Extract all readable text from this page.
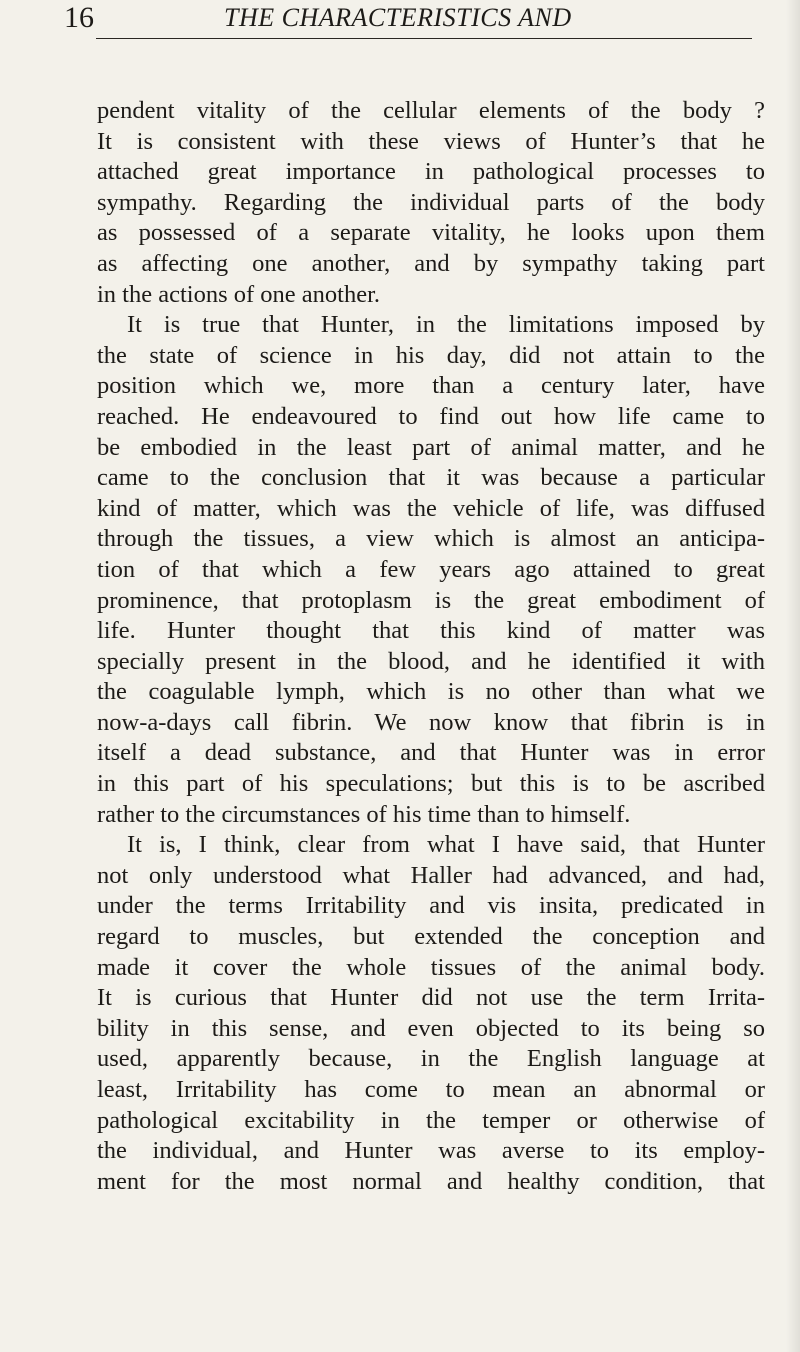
16	THE CHARACTERISTICS AND
pendent vitality of the cellular elements of the body ?
It is consistent with these views of Hunter’s that he
attached great importance in pathological processes to
sympathy. Regarding the individual parts of the body
as possessed of a separate vitality, he looks upon them
as affecting one another, and by sympathy taking part
in the actions of one another.
It is true that Hunter, in the limitations imposed by
the state of science in his day, did not attain to the
position which we, more than a century later, have
reached. He endeavoured to find out how life came to
be embodied in the least part of animal matter, and he
came to the conclusion that it was because a particular
kind of matter, which was the vehicle of life, was diffused
through the tissues, a view which is almost an anticipa-
tion of that which a few years ago attained to great
prominence, that protoplasm is the great embodiment of
life. Hunter thought that this kind of matter was
specially present in the blood, and he identified it with
the coagulable lymph, which is no other than what we
now-a-days call fibrin. We now know that fibrin is in
itself a dead substance, and that Hunter was in error
in this part of his speculations; but this is to be ascribed
rather to the circumstances of his time than to himself.
It is, I think, clear from what I have said, that Hunter
not only understood what Haller had advanced, and had,
under the terms Irritability and vis insita, predicated in
regard to muscles, but extended the conception and
made it cover the whole tissues of the animal body.
It is curious that Hunter did not use the term Irrita-
bility in this sense, and even objected to its being so
used, apparently because, in the English language at
least, Irritability has come to mean an abnormal or
pathological excitability in the temper or otherwise of
the individual, and Hunter was averse to its employ-
ment for the most normal and healthy condition, that
